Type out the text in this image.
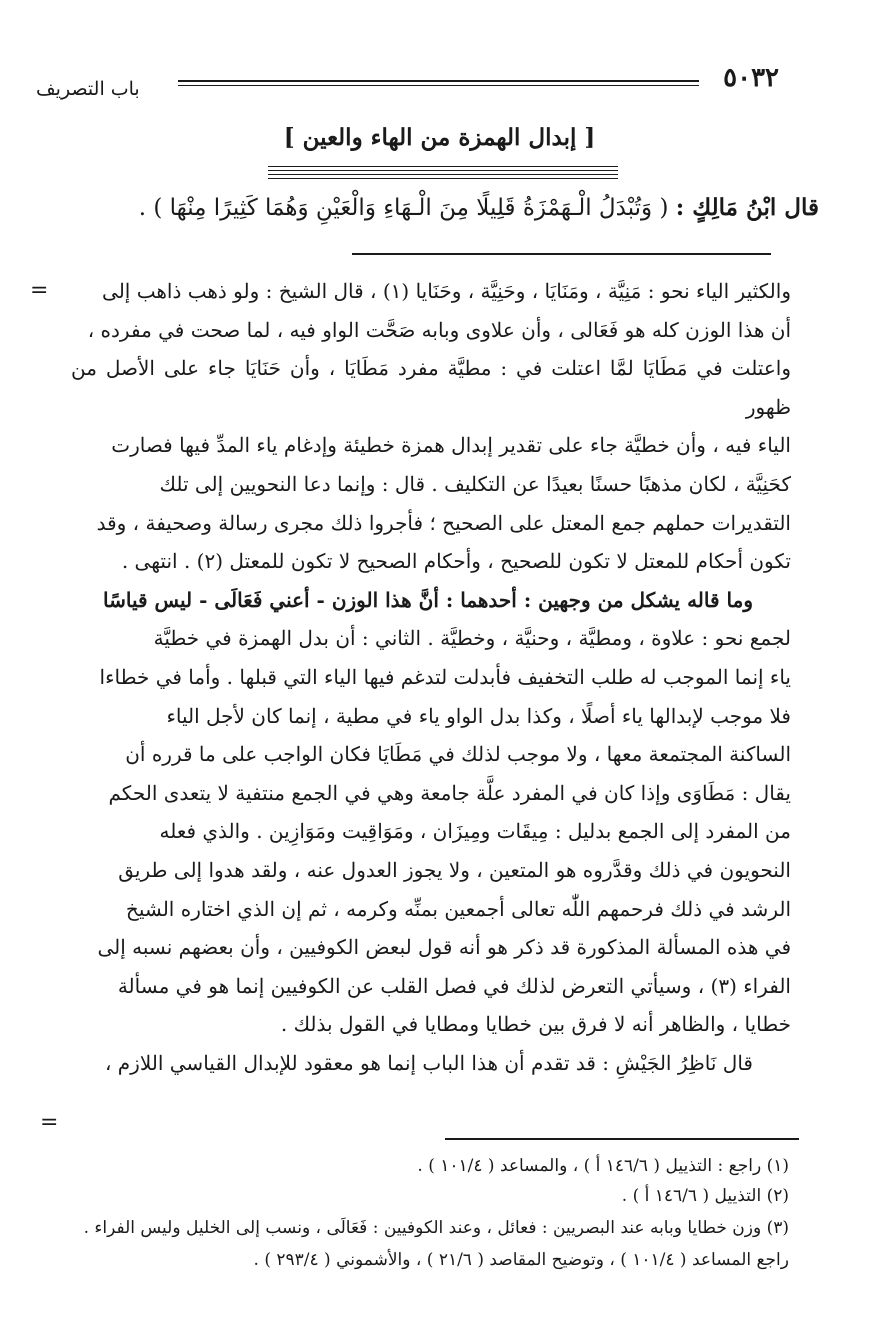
باب التصريف	٥٠٣٢
[ إبدال الهمزة من الهاء والعين ]
قال ابْنُ مَالِكٍ : ( وَتُبْدَلُ الْـهَمْزَةُ قَلِيلًا مِنَ الْـهَاءِ وَالْعَيْنِ وَهُمَا كَثِيرًا مِنْهَا ) .
=
=

والكثير الياء نحو : مَنِيَّة ، ومَنَايَا ، وحَنِيَّة ، وحَنَايا (١) ، قال الشيخ : ولو ذهب ذاهب إلى

أن هذا الوزن كله هو فَعَالى ، وأن علاوى وبابه صَحَّت الواو فيه ، لما صحت في مفرده ،

واعتلت في مَطَايَا لمَّا اعتلت في : مطيَّة مفرد مَطَايَا ، وأن حَنَايَا جاء على الأصل من ظهور

الياء فيه ، وأن خطيَّة جاء على تقدير إبدال همزة خطيئة وإدغام ياء المدِّ فيها فصارت

كحَنِيَّة ، لكان مذهبًا حسنًا بعيدًا عن التكليف . قال : وإنما دعا النحويين إلى تلك

التقديرات حملهم جمع المعتل على الصحيح ؛ فأجروا ذلك مجرى رسالة وصحيفة ، وقد

تكون أحكام للمعتل لا تكون للصحيح ، وأحكام الصحيح لا تكون للمعتل (٢) . انتهى .

وما قاله يشكل من وجهين : أحدهما : أنَّ هذا الوزن - أعني فَعَالَى - ليس قياسًا

لجمع نحو : علاوة ، ومطيَّة ، وحنيَّة ، وخطيَّة . الثاني : أن بدل الهمزة في خطيَّة

ياء إنما الموجب له طلب التخفيف فأبدلت لتدغم فيها الياء التي قبلها . وأما في خطاءا

فلا موجب لإبدالها ياء أصلًا ، وكذا بدل الواو ياء في مطية ، إنما كان لأجل الياء

الساكنة المجتمعة معها ، ولا موجب لذلك في مَطَايَا فكان الواجب على ما قرره أن

يقال : مَطَاوَى وإذا كان في المفرد علَّة جامعة وهي في الجمع منتفية لا يتعدى الحكم

من المفرد إلى الجمع بدليل : مِيقَات ومِيزَان ، ومَوَاقِيت ومَوَازِين . والذي فعله

النحويون في ذلك وقدَّروه هو المتعين ، ولا يجوز العدول عنه ، ولقد هدوا إلى طريق

الرشد في ذلك فرحمهم اللّٰه تعالى أجمعين بمنِّه وكرمه ، ثم إن الذي اختاره الشيخ

في هذه المسألة المذكورة قد ذكر هو أنه قول لبعض الكوفيين ، وأن بعضهم نسبه إلى

الفراء (٣) ، وسيأتي التعرض لذلك في فصل القلب عن الكوفيين إنما هو في مسألة

خطايا ، والظاهر أنه لا فرق بين خطايا ومطايا في القول بذلك .

قال نَاظِرُ الجَيْشِ : قد تقدم أن هذا الباب إنما هو معقود للإبدال القياسي اللازم ،

(١) راجع : التذييل ( ١٤٦/٦ أ ) ، والمساعد ( ١٠١/٤ ) .
(٢) التذييل ( ١٤٦/٦ أ ) .
(٣) وزن خطايا وبابه عند البصريين : فعائل ، وعند الكوفيين : فَعَالَى ، ونسب إلى الخليل وليس الفراء .
راجع المساعد ( ١٠١/٤ ) ، وتوضيح المقاصد ( ٢١/٦ ) ، والأشموني ( ٢٩٣/٤ ) .
